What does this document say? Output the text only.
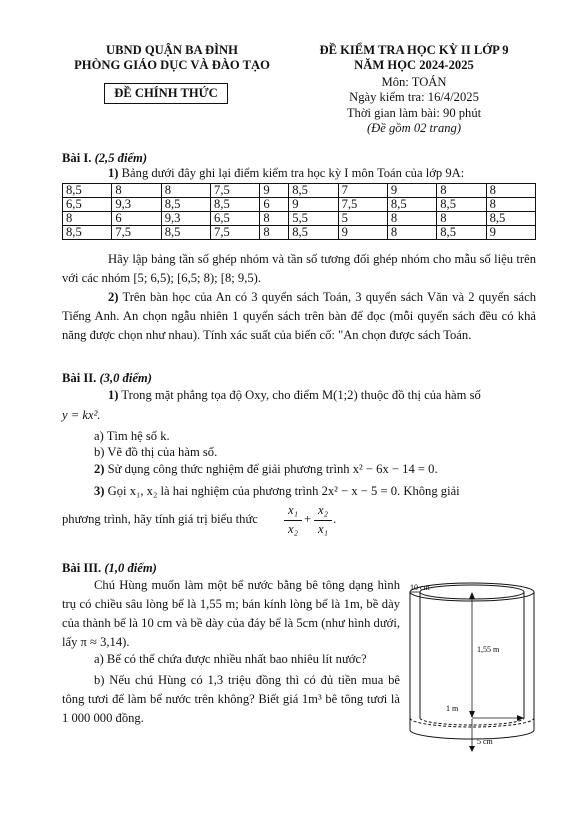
UBND QUẬN BA ĐÌNH
PHÒNG GIÁO DỤC VÀ ĐÀO TẠO
ĐỀ CHÍNH THỨC
ĐỀ KIỂM TRA HỌC KỲ II LỚP 9
NĂM HỌC 2024-2025
Môn: TOÁN
Ngày kiểm tra: 16/4/2025
Thời gian làm bài: 90 phút
(Đề gồm 02 trang)
Bài I. (2,5 điểm)
1) Bảng dưới đây ghi lại điểm kiểm tra học kỳ I môn Toán của lớp 9A:
8,5	8	8	7,5	9	8,5	7	9	8	8
6,5	9,3	8,5	8,5	6	9	7,5	8,5	8,5	8
8	6	9,3	6,5	8	5,5	5	8	8	8,5
8,5	7,5	8,5	7,5	8	8,5	9	8	8,5	9
Hãy lập bảng tần số ghép nhóm và tần số tương đối ghép nhóm cho mẫu số liệu trên với các nhóm [5; 6,5); [6,5; 8); [8; 9,5).
2) Trên bàn học của An có 3 quyển sách Toán, 3 quyển sách Văn và 2 quyển sách Tiếng Anh. An chọn ngẫu nhiên 1 quyển sách trên bàn để đọc (mỗi quyển sách đều có khả năng được chọn như nhau). Tính xác suất của biến cố: "An chọn được sách Toán.
Bài II. (3,0 điểm)
1) Trong mặt phẳng tọa độ Oxy, cho điểm M(1;2) thuộc đồ thị của hàm số
y = kx².
a) Tìm hệ số k.
b) Vẽ đồ thị của hàm số.
2) Sử dụng công thức nghiệm để giải phương trình x² − 6x − 14 = 0.
3) Gọi x₁, x₂ là hai nghiệm của phương trình 2x² − x − 5 = 0. Không giải
phương trình, hãy tính giá trị biểu thức
x₁
x₂
+
x₂
x₁
.
Bài III. (1,0 điểm)
Chú Hùng muốn làm một bể nước bằng bê tông dạng hình trụ có chiều sâu lòng bể là 1,55 m; bán kính lòng bể là 1m, bề dày của thành bể là 10 cm và bề dày của đáy bể là 5cm (như hình dưới, lấy π ≈ 3,14).
a) Bể có thể chứa được nhiều nhất bao nhiêu lít nước?
b) Nếu chú Hùng có 1,3 triệu đồng thì có đủ tiền mua bê tông tươi để làm bể nước trên không? Biết giá 1m³ bê tông tươi là 1 000 000 đồng.
10 cm
1,55 m
1 m
5 cm
